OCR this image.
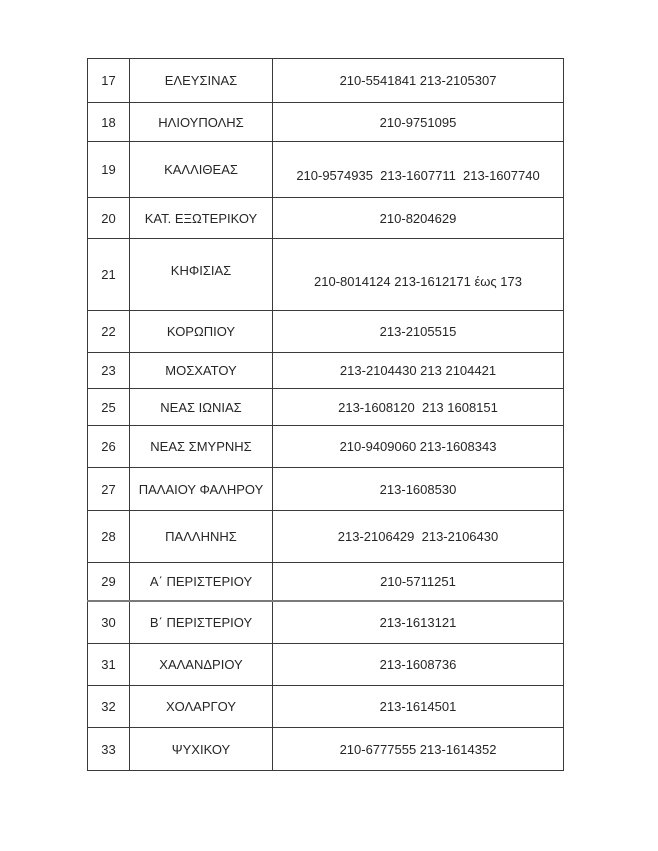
17	ΕΛΕΥΣΙΝΑΣ	210-5541841 213-2105307
18	ΗΛΙΟΥΠΟΛΗΣ	210-9751095
19	ΚΑΛΛΙΘΕΑΣ	210-9574935  213-1607711  213-1607740
20	ΚΑΤ. ΕΞΩΤΕΡΙΚΟΥ	210-8204629
21	ΚΗΦΙΣΙΑΣ	210-8014124 213-1612171 έως 173
22	ΚΟΡΩΠΙΟΥ	213-2105515
23	ΜΟΣΧΑΤΟΥ	213-2104430 213 2104421
25	ΝΕΑΣ ΙΩΝΙΑΣ	213-1608120  213 1608151
26	ΝΕΑΣ ΣΜΥΡΝΗΣ	210-9409060 213-1608343
27	ΠΑΛΑΙΟΥ ΦΑΛΗΡΟΥ	213-1608530
28	ΠΑΛΛΗΝΗΣ	213-2106429  213-2106430
29	Α΄ ΠΕΡΙΣΤΕΡΙΟΥ	210-5711251
30	Β΄ ΠΕΡΙΣΤΕΡΙΟΥ	213-1613121
31	ΧΑΛΑΝΔΡΙΟΥ	213-1608736
32	ΧΟΛΑΡΓΟΥ	213-1614501
33	ΨΥΧΙΚΟΥ	210-6777555 213-1614352
